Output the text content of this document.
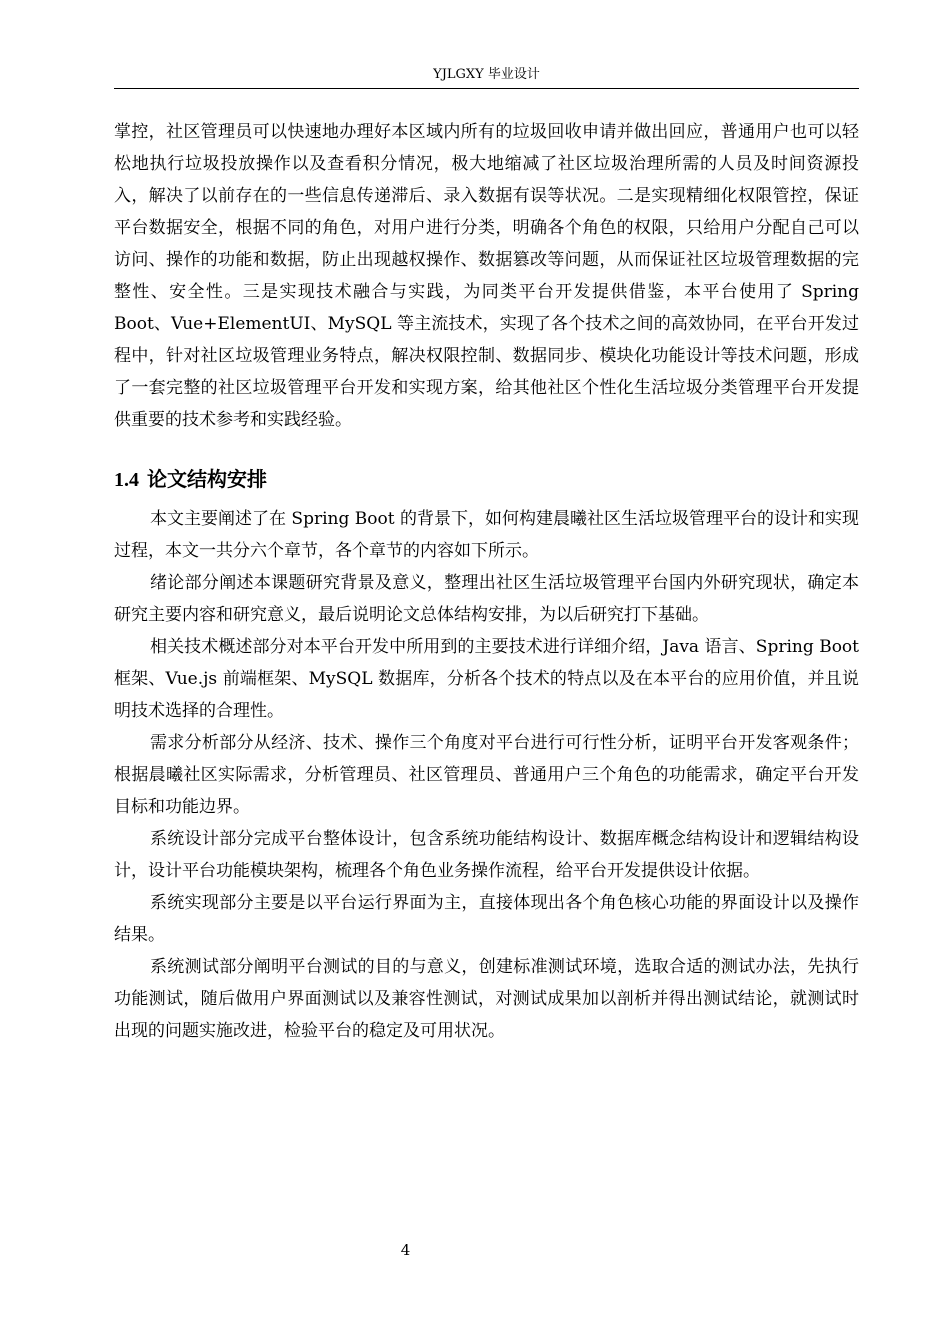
YJLGXY 毕业设计

掌控，社区管理员可以快速地办理好本区域内所有的垃圾回收申请并做出回应，普通用户也可以轻松地执行垃圾投放操作以及查看积分情况，极大地缩减了社区垃圾治理所需的人员及时间资源投入，解决了以前存在的一些信息传递滞后、录入数据有误等状况。二是实现精细化权限管控，保证平台数据安全，根据不同的角色，对用户进行分类，明确各个角色的权限，只给用户分配自己可以访问、操作的功能和数据，防止出现越权操作、数据篡改等问题，从而保证社区垃圾管理数据的完整性、安全性。三是实现技术融合与实践，为同类平台开发提供借鉴，本平台使用了 Spring Boot、Vue+ElementUI、MySQL 等主流技术，实现了各个技术之间的高效协同，在平台开发过程中，针对社区垃圾管理业务特点，解决权限控制、数据同步、模块化功能设计等技术问题，形成了一套完整的社区垃圾管理平台开发和实现方案，给其他社区个性化生活垃圾分类管理平台开发提供重要的技术参考和实践经验。

1.4 论文结构安排

本文主要阐述了在 Spring Boot 的背景下，如何构建晨曦社区生活垃圾管理平台的设计和实现过程，本文一共分六个章节，各个章节的内容如下所示。

绪论部分阐述本课题研究背景及意义，整理出社区生活垃圾管理平台国内外研究现状，确定本研究主要内容和研究意义，最后说明论文总体结构安排，为以后研究打下基础。

相关技术概述部分对本平台开发中所用到的主要技术进行详细介绍，Java 语言、Spring Boot 框架、Vue.js 前端框架、MySQL 数据库，分析各个技术的特点以及在本平台的应用价值，并且说明技术选择的合理性。

需求分析部分从经济、技术、操作三个角度对平台进行可行性分析，证明平台开发客观条件；根据晨曦社区实际需求，分析管理员、社区管理员、普通用户三个角色的功能需求，确定平台开发目标和功能边界。

系统设计部分完成平台整体设计，包含系统功能结构设计、数据库概念结构设计和逻辑结构设计，设计平台功能模块架构，梳理各个角色业务操作流程，给平台开发提供设计依据。

系统实现部分主要是以平台运行界面为主，直接体现出各个角色核心功能的界面设计以及操作结果。

系统测试部分阐明平台测试的目的与意义，创建标准测试环境，选取合适的测试办法，先执行功能测试，随后做用户界面测试以及兼容性测试，对测试成果加以剖析并得出测试结论，就测试时出现的问题实施改进，检验平台的稳定及可用状况。

4
